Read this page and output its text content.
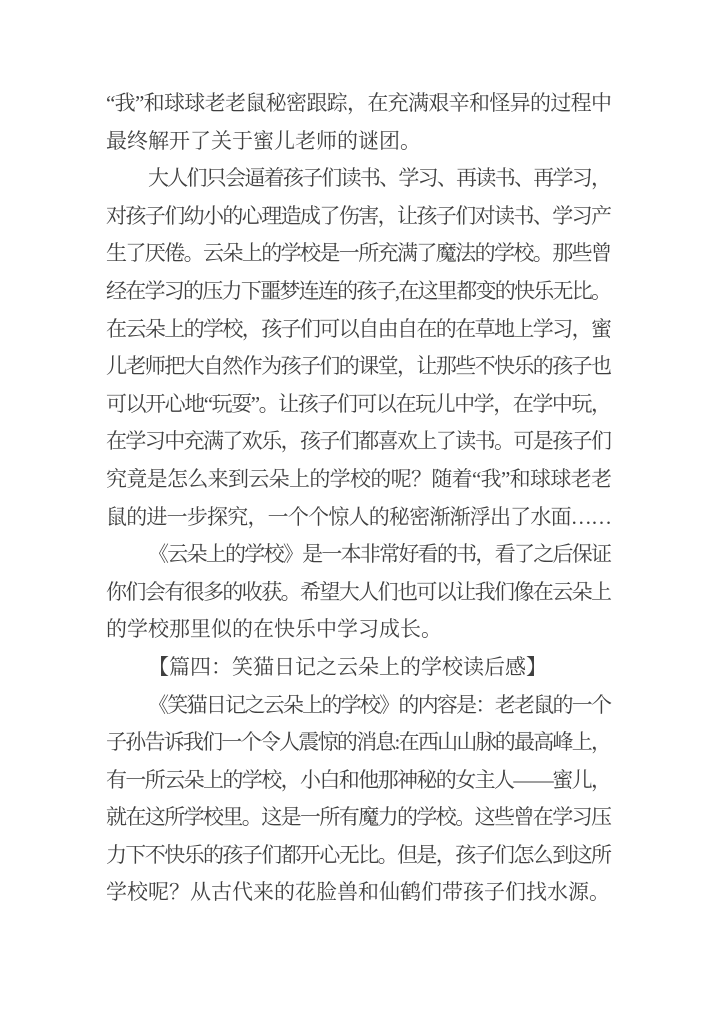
“我”和球球老老鼠秘密跟踪，在充满艰辛和怪异的过程中
最终解开了关于蜜儿老师的谜团。
大人们只会逼着孩子们读书、学习、再读书、再学习，
对孩子们幼小的心理造成了伤害，让孩子们对读书、学习产
生了厌倦。云朵上的学校是一所充满了魔法的学校。那些曾
经在学习的压力下噩梦连连的孩子,在这里都变的快乐无比。
在云朵上的学校，孩子们可以自由自在的在草地上学习，蜜
儿老师把大自然作为孩子们的课堂，让那些不快乐的孩子也
可以开心地“玩耍”。让孩子们可以在玩儿中学，在学中玩，
在学习中充满了欢乐，孩子们都喜欢上了读书。可是孩子们
究竟是怎么来到云朵上的学校的呢？随着“我”和球球老老
鼠的进一步探究，一个个惊人的秘密渐渐浮出了水面……
《云朵上的学校》是一本非常好看的书，看了之后保证
你们会有很多的收获。希望大人们也可以让我们像在云朵上
的学校那里似的在快乐中学习成长。
【篇四：笑猫日记之云朵上的学校读后感】
《笑猫日记之云朵上的学校》的内容是：老老鼠的一个
子孙告诉我们一个令人震惊的消息:在西山山脉的最高峰上，
有一所云朵上的学校，小白和他那神秘的女主人——蜜儿，
就在这所学校里。这是一所有魔力的学校。这些曾在学习压
力下不快乐的孩子们都开心无比。但是，孩子们怎么到这所
学校呢？从古代来的花脸兽和仙鹤们带孩子们找水源。
